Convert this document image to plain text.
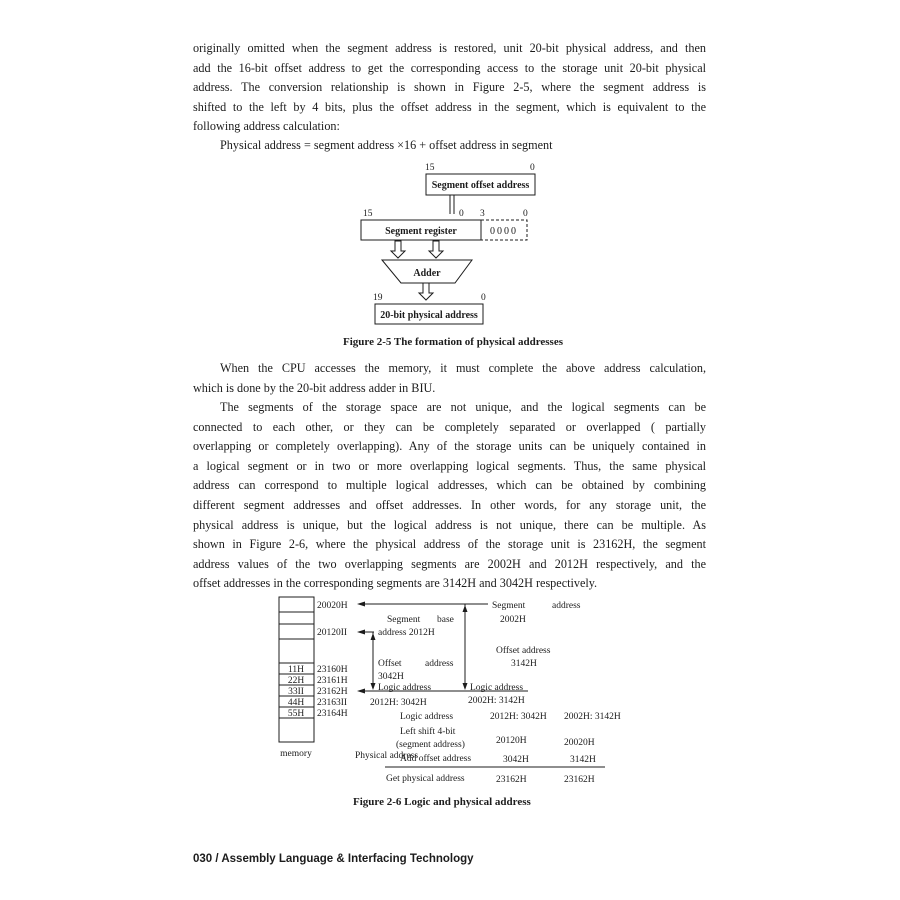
originally omitted when the segment address is restored, unit 20-bit physical address, and then
add the 16-bit offset address to get the corresponding access to the storage unit 20-bit physical
address. The conversion relationship is shown in Figure 2-5, where the segment address is
shifted to the left by 4 bits, plus the offset address in the segment, which is equivalent to the
following address calculation:
Physical address = segment address ×16 + offset address in segment
15	0
Segment offset address
15	0 3	0
Segment register	0000
Adder
19	0
20-bit physical address
Figure 2-5 The formation of physical addresses
When the CPU accesses the memory, it must complete the above address calculation,
which is done by the 20-bit address adder in BIU.
The segments of the storage space are not unique, and the logical segments can be
connected to each other, or they can be completely separated or overlapped ( partially
overlapping or completely overlapping). Any of the storage units can be uniquely contained in
a logical segment or in two or more overlapping logical segments. Thus, the same physical
address can correspond to multiple logical addresses, which can be obtained by combining
different segment addresses and offset addresses. In other words, for any storage unit, the
physical address is unique, but the logical address is not unique, there can be multiple. As
shown in Figure 2-6, where the physical address of the storage unit is 23162H, the segment
address values of the two overlapping segments are 2002H and 2012H respectively, and the
offset addresses in the corresponding segments are 3142H and 3042H respectively.
11H
22H
33II
44H
55H
memory
20020H
20120II
23160H
23161H
23162H
23163II
23164H
Physical address
Segment	address
2002H
Segment base
address 2012H
Offset address
3142H
Offset address
3042H
Logic address	Logic address
2012H: 3042H	2002H: 3142H
Logic address	2012H: 3042H 2002H: 3142H
Left shift 4-bit
(segment address)	20120H	20020H
Add offset address	3042H	3142H
Get physical address	23162H	23162H
Figure 2-6 Logic and physical address
030 / Assembly Language & Interfacing Technology
